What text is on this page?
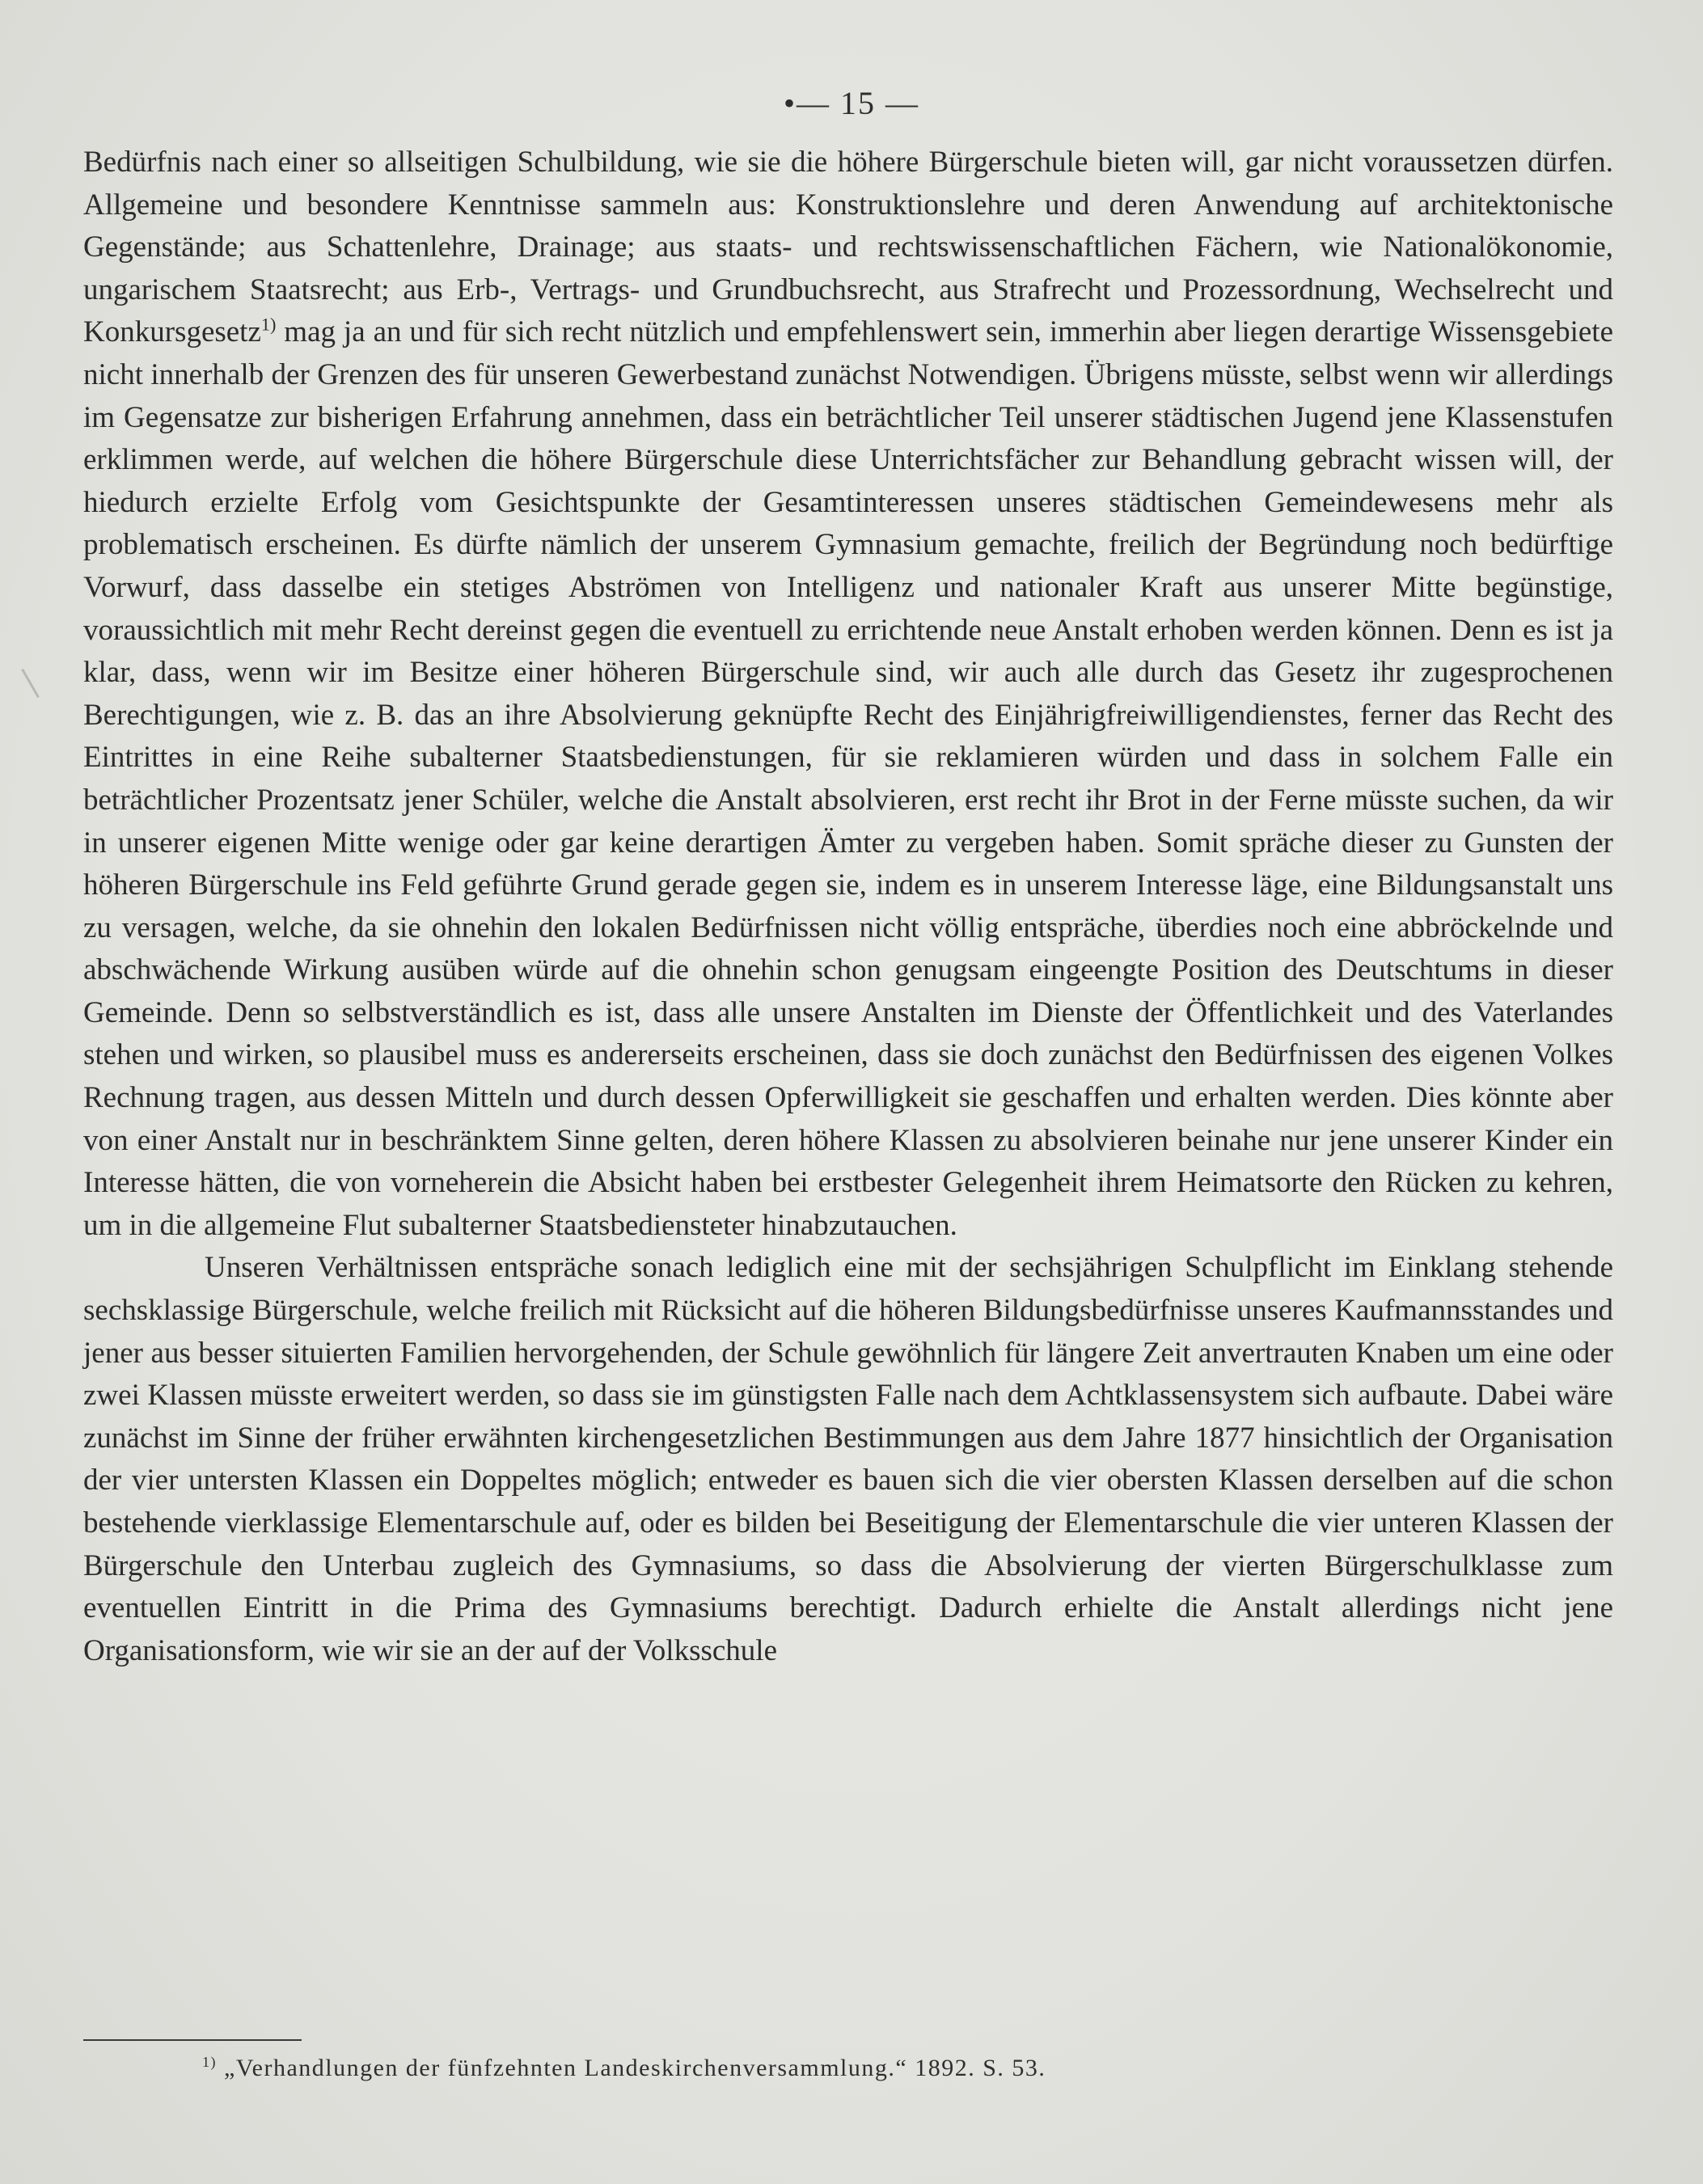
•— 15 —

Bedürfnis nach einer so allseitigen Schulbildung, wie sie die höhere Bürgerschule bieten will, gar nicht voraussetzen dürfen. Allgemeine und besondere Kenntnisse sammeln aus: Konstruktionslehre und deren Anwendung auf architektonische Gegenstände; aus Schattenlehre, Drainage; aus staats- und rechtswissenschaftlichen Fächern, wie Nationalökonomie, ungarischem Staatsrecht; aus Erb-, Vertrags- und Grundbuchsrecht, aus Strafrecht und Prozessordnung, Wechselrecht und Konkursgesetz$^{1)}$ mag ja an und für sich recht nützlich und empfehlenswert sein, immerhin aber liegen derartige Wissensgebiete nicht innerhalb der Grenzen des für unseren Gewerbestand zunächst Notwendigen. Übrigens müsste, selbst wenn wir allerdings im Gegensatze zur bisherigen Erfahrung annehmen, dass ein beträchtlicher Teil unserer städtischen Jugend jene Klassenstufen erklimmen werde, auf welchen die höhere Bürgerschule diese Unterrichtsfächer zur Behandlung gebracht wissen will, der hiedurch erzielte Erfolg vom Gesichtspunkte der Gesamtinteressen unseres städtischen Gemeindewesens mehr als problematisch erscheinen. Es dürfte nämlich der unserem Gymnasium gemachte, freilich der Begründung noch bedürftige Vorwurf, dass dasselbe ein stetiges Abströmen von Intelligenz und nationaler Kraft aus unserer Mitte begünstige, voraussichtlich mit mehr Recht dereinst gegen die eventuell zu errichtende neue Anstalt erhoben werden können. Denn es ist ja klar, dass, wenn wir im Besitze einer höheren Bürgerschule sind, wir auch alle durch das Gesetz ihr zugesprochenen Berechtigungen, wie z. B. das an ihre Absolvierung geknüpfte Recht des Einjährigfreiwilligendienstes, ferner das Recht des Eintrittes in eine Reihe subalterner Staatsbedienstungen, für sie reklamieren würden und dass in solchem Falle ein beträchtlicher Prozentsatz jener Schüler, welche die Anstalt absolvieren, erst recht ihr Brot in der Ferne müsste suchen, da wir in unserer eigenen Mitte wenige oder gar keine derartigen Ämter zu vergeben haben. Somit spräche dieser zu Gunsten der höheren Bürgerschule ins Feld geführte Grund gerade gegen sie, indem es in unserem Interesse läge, eine Bildungsanstalt uns zu versagen, welche, da sie ohnehin den lokalen Bedürfnissen nicht völlig entspräche, überdies noch eine abbröckelnde und abschwächende Wirkung ausüben würde auf die ohnehin schon genugsam eingeengte Position des Deutschtums in dieser Gemeinde. Denn so selbstverständlich es ist, dass alle unsere Anstalten im Dienste der Öffentlichkeit und des Vaterlandes stehen und wirken, so plausibel muss es andererseits erscheinen, dass sie doch zunächst den Bedürfnissen des eigenen Volkes Rechnung tragen, aus dessen Mitteln und durch dessen Opferwilligkeit sie geschaffen und erhalten werden. Dies könnte aber von einer Anstalt nur in beschränktem Sinne gelten, deren höhere Klassen zu absolvieren beinahe nur jene unserer Kinder ein Interesse hätten, die von vorneherein die Absicht haben bei erstbester Gelegenheit ihrem Heimatsorte den Rücken zu kehren, um in die allgemeine Flut subalterner Staatsbediensteter hinabzutauchen.

Unseren Verhältnissen entspräche sonach lediglich eine mit der sechsjährigen Schulpflicht im Einklang stehende sechsklassige Bürgerschule, welche freilich mit Rücksicht auf die höheren Bildungsbedürfnisse unseres Kaufmannsstandes und jener aus besser situierten Familien hervorgehenden, der Schule gewöhnlich für längere Zeit anvertrauten Knaben um eine oder zwei Klassen müsste erweitert werden, so dass sie im günstigsten Falle nach dem Achtklassensystem sich aufbaute. Dabei wäre zunächst im Sinne der früher erwähnten kirchengesetzlichen Bestimmungen aus dem Jahre 1877 hinsichtlich der Organisation der vier untersten Klassen ein Doppeltes möglich; entweder es bauen sich die vier obersten Klassen derselben auf die schon bestehende vierklassige Elementarschule auf, oder es bilden bei Beseitigung der Elementarschule die vier unteren Klassen der Bürgerschule den Unterbau zugleich des Gymnasiums, so dass die Absolvierung der vierten Bürgerschulklasse zum eventuellen Eintritt in die Prima des Gymnasiums berechtigt. Dadurch erhielte die Anstalt allerdings nicht jene Organisationsform, wie wir sie an der auf der Volksschule

$^{1)}$ „Verhandlungen der fünfzehnten Landeskirchenversammlung.“ 1892. S. 53.
